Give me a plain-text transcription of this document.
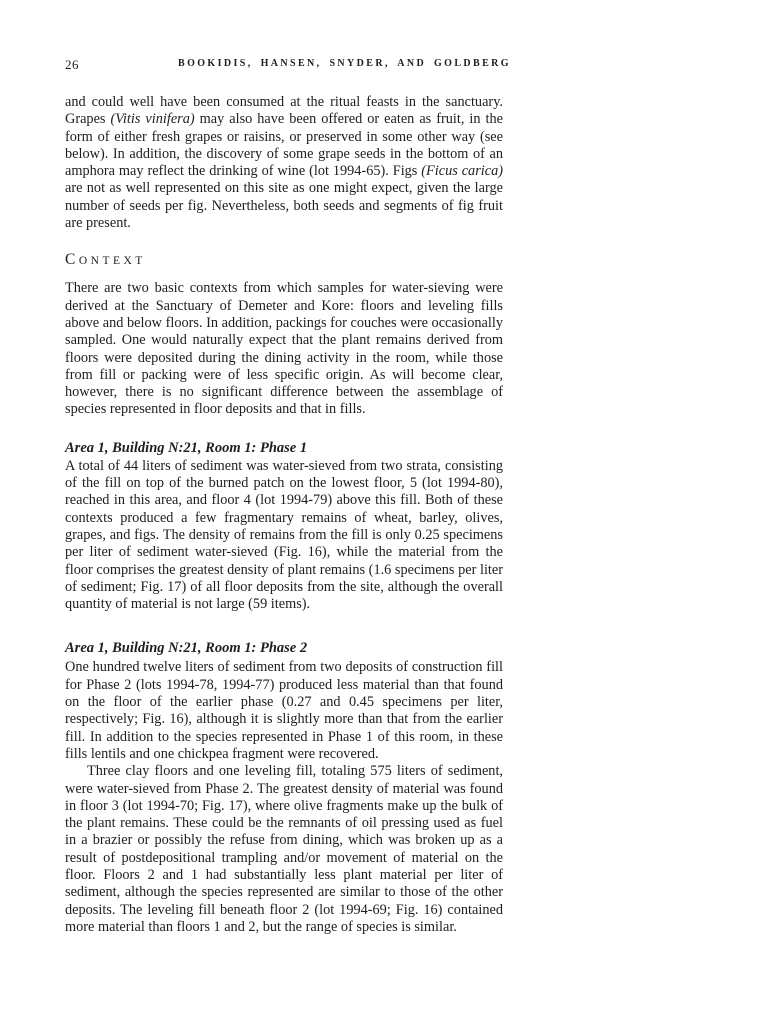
26	BOOKIDIS, HANSEN, SNYDER, AND GOLDBERG

and could well have been consumed at the ritual feasts in the sanctuary. Grapes (Vitis vinifera) may also have been offered or eaten as fruit, in the form of either fresh grapes or raisins, or preserved in some other way (see below). In addition, the discovery of some grape seeds in the bottom of an amphora may reflect the drinking of wine (lot 1994-65). Figs (Ficus carica) are not as well represented on this site as one might expect, given the large number of seeds per fig. Nevertheless, both seeds and segments of fig fruit are present.

CONTEXT

There are two basic contexts from which samples for water-sieving were derived at the Sanctuary of Demeter and Kore: floors and leveling fills above and below floors. In addition, packings for couches were occasionally sampled. One would naturally expect that the plant remains derived from floors were deposited during the dining activity in the room, while those from fill or packing were of less specific origin. As will become clear, however, there is no significant difference between the assemblage of species represented in floor deposits and that in fills.

Area 1, Building N:21, Room 1: Phase 1

A total of 44 liters of sediment was water-sieved from two strata, consisting of the fill on top of the burned patch on the lowest floor, 5 (lot 1994-80), reached in this area, and floor 4 (lot 1994-79) above this fill. Both of these contexts produced a few fragmentary remains of wheat, barley, olives, grapes, and figs. The density of remains from the fill is only 0.25 specimens per liter of sediment water-sieved (Fig. 16), while the material from the floor comprises the greatest density of plant remains (1.6 specimens per liter of sediment; Fig. 17) of all floor deposits from the site, although the overall quantity of material is not large (59 items).

Area 1, Building N:21, Room 1: Phase 2

One hundred twelve liters of sediment from two deposits of construction fill for Phase 2 (lots 1994-78, 1994-77) produced less material than that found on the floor of the earlier phase (0.27 and 0.45 specimens per liter, respectively; Fig. 16), although it is slightly more than that from the earlier fill. In addition to the species represented in Phase 1 of this room, in these fills lentils and one chickpea fragment were recovered.

Three clay floors and one leveling fill, totaling 575 liters of sediment, were water-sieved from Phase 2. The greatest density of material was found in floor 3 (lot 1994-70; Fig. 17), where olive fragments make up the bulk of the plant remains. These could be the remnants of oil pressing used as fuel in a brazier or possibly the refuse from dining, which was broken up as a result of postdepositional trampling and/or movement of material on the floor. Floors 2 and 1 had substantially less plant material per liter of sediment, although the species represented are similar to those of the other deposits. The leveling fill beneath floor 2 (lot 1994-69; Fig. 16) contained more material than floors 1 and 2, but the range of species is similar.
